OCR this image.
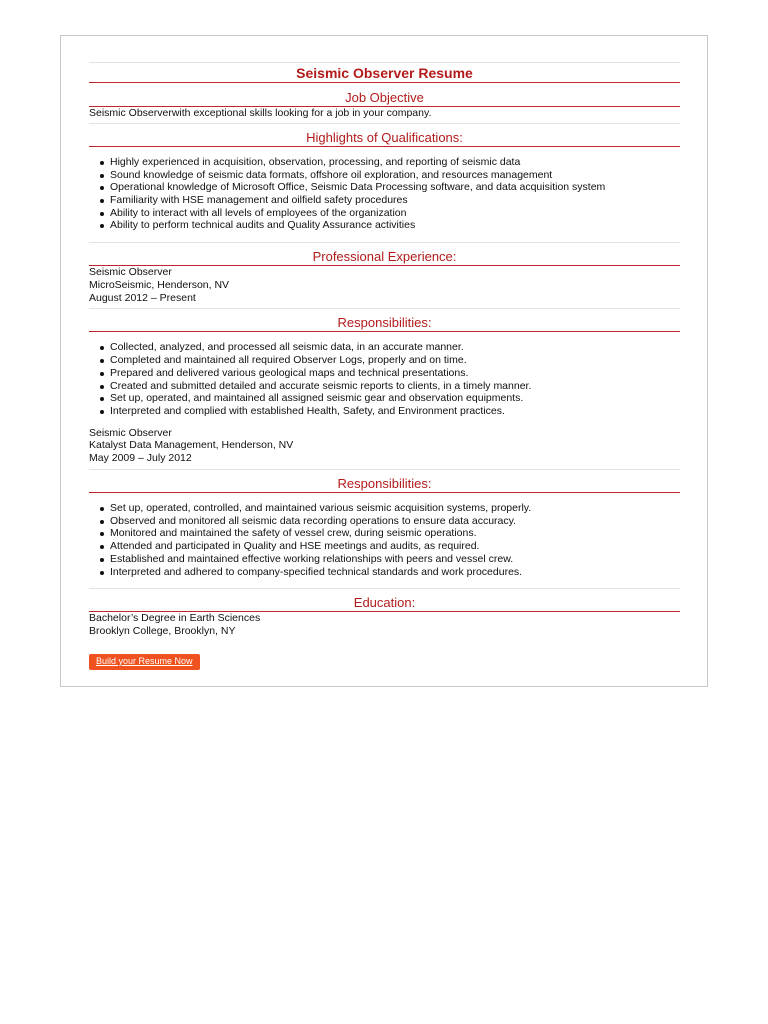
Seismic Observer Resume
Job Objective
Seismic Observerwith exceptional skills looking for a job in your company.
Highlights of Qualifications:
Highly experienced in acquisition, observation, processing, and reporting of seismic data
Sound knowledge of seismic data formats, offshore oil exploration, and resources management
Operational knowledge of Microsoft Office, Seismic Data Processing software, and data acquisition system
Familiarity with HSE management and oilfield safety procedures
Ability to interact with all levels of employees of the organization
Ability to perform technical audits and Quality Assurance activities
Professional Experience:
Seismic Observer
MicroSeismic, Henderson, NV
August 2012 – Present
Responsibilities:
Collected, analyzed, and processed all seismic data, in an accurate manner.
Completed and maintained all required Observer Logs, properly and on time.
Prepared and delivered various geological maps and technical presentations.
Created and submitted detailed and accurate seismic reports to clients, in a timely manner.
Set up, operated, and maintained all assigned seismic gear and observation equipments.
Interpreted and complied with established Health, Safety, and Environment practices.
Seismic Observer
Katalyst Data Management, Henderson, NV
May 2009 – July 2012
Responsibilities:
Set up, operated, controlled, and maintained various seismic acquisition systems, properly.
Observed and monitored all seismic data recording operations to ensure data accuracy.
Monitored and maintained the safety of vessel crew, during seismic operations.
Attended and participated in Quality and HSE meetings and audits, as required.
Established and maintained effective working relationships with peers and vessel crew.
Interpreted and adhered to company-specified technical standards and work procedures.
Education:
Bachelor’s Degree in Earth Sciences
Brooklyn College, Brooklyn, NY
Build your Resume Now
